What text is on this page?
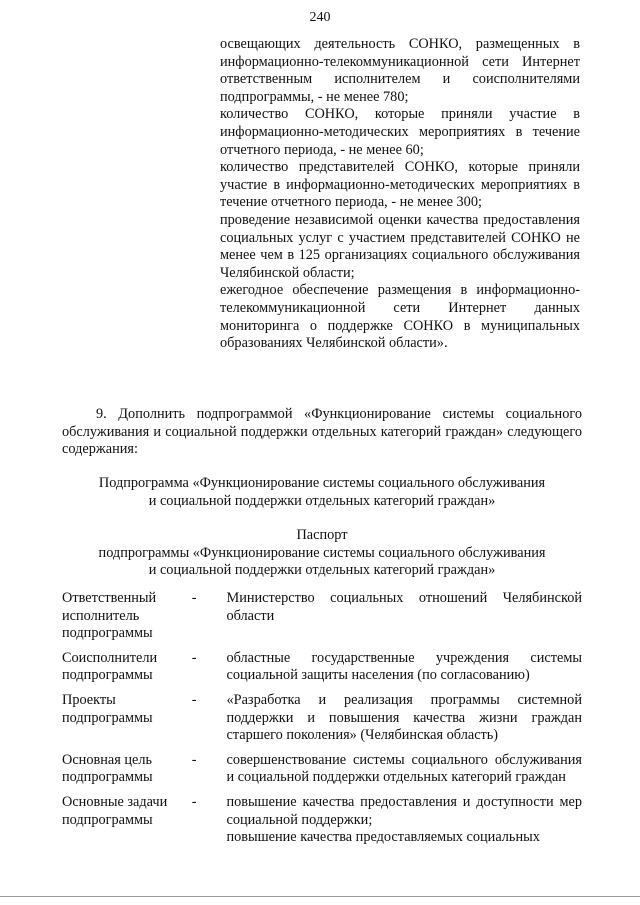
240

освещающих деятельность СОНКО, размещенных в информационно-телекоммуникационной сети Интернет ответственным исполнителем и соисполнителями подпрограммы, - не менее 780;

количество СОНКО, которые приняли участие в информационно-методических мероприятиях в течение отчетного периода, - не менее 60;

количество представителей СОНКО, которые приняли участие в информационно-методических мероприятиях в течение отчетного периода, - не менее 300;

проведение независимой оценки качества предоставления социальных услуг с участием представителей СОНКО не менее чем в 125 организациях социального обслуживания Челябинской области;

ежегодное обеспечение размещения в информационно-телекоммуникационной сети Интернет данных мониторинга о поддержке СОНКО в муниципальных образованиях Челябинской области».

9. Дополнить подпрограммой «Функционирование системы социального обслуживания и социальной поддержки отдельных категорий граждан» следующего содержания:

Подпрограмма «Функционирование системы социального обслуживания

и социальной поддержки отдельных категорий граждан»

Паспорт

подпрограммы «Функционирование системы социального обслуживания

и социальной поддержки отдельных категорий граждан»

Ответственный
исполнитель
подпрограммы
- Министерство социальных отношений Челябинской области

Соисполнители
подпрограммы
- областные государственные учреждения системы социальной защиты населения (по согласованию)

Проекты
подпрограммы
- «Разработка и реализация программы системной поддержки и повышения качества жизни граждан старшего поколения» (Челябинская область)

Основная цель
подпрограммы
- совершенствование системы социального обслуживания и социальной поддержки отдельных категорий граждан

Основные задачи
подпрограммы
- повышение качества предоставления и доступности мер социальной поддержки;

повышение качества предоставляемых социальных
